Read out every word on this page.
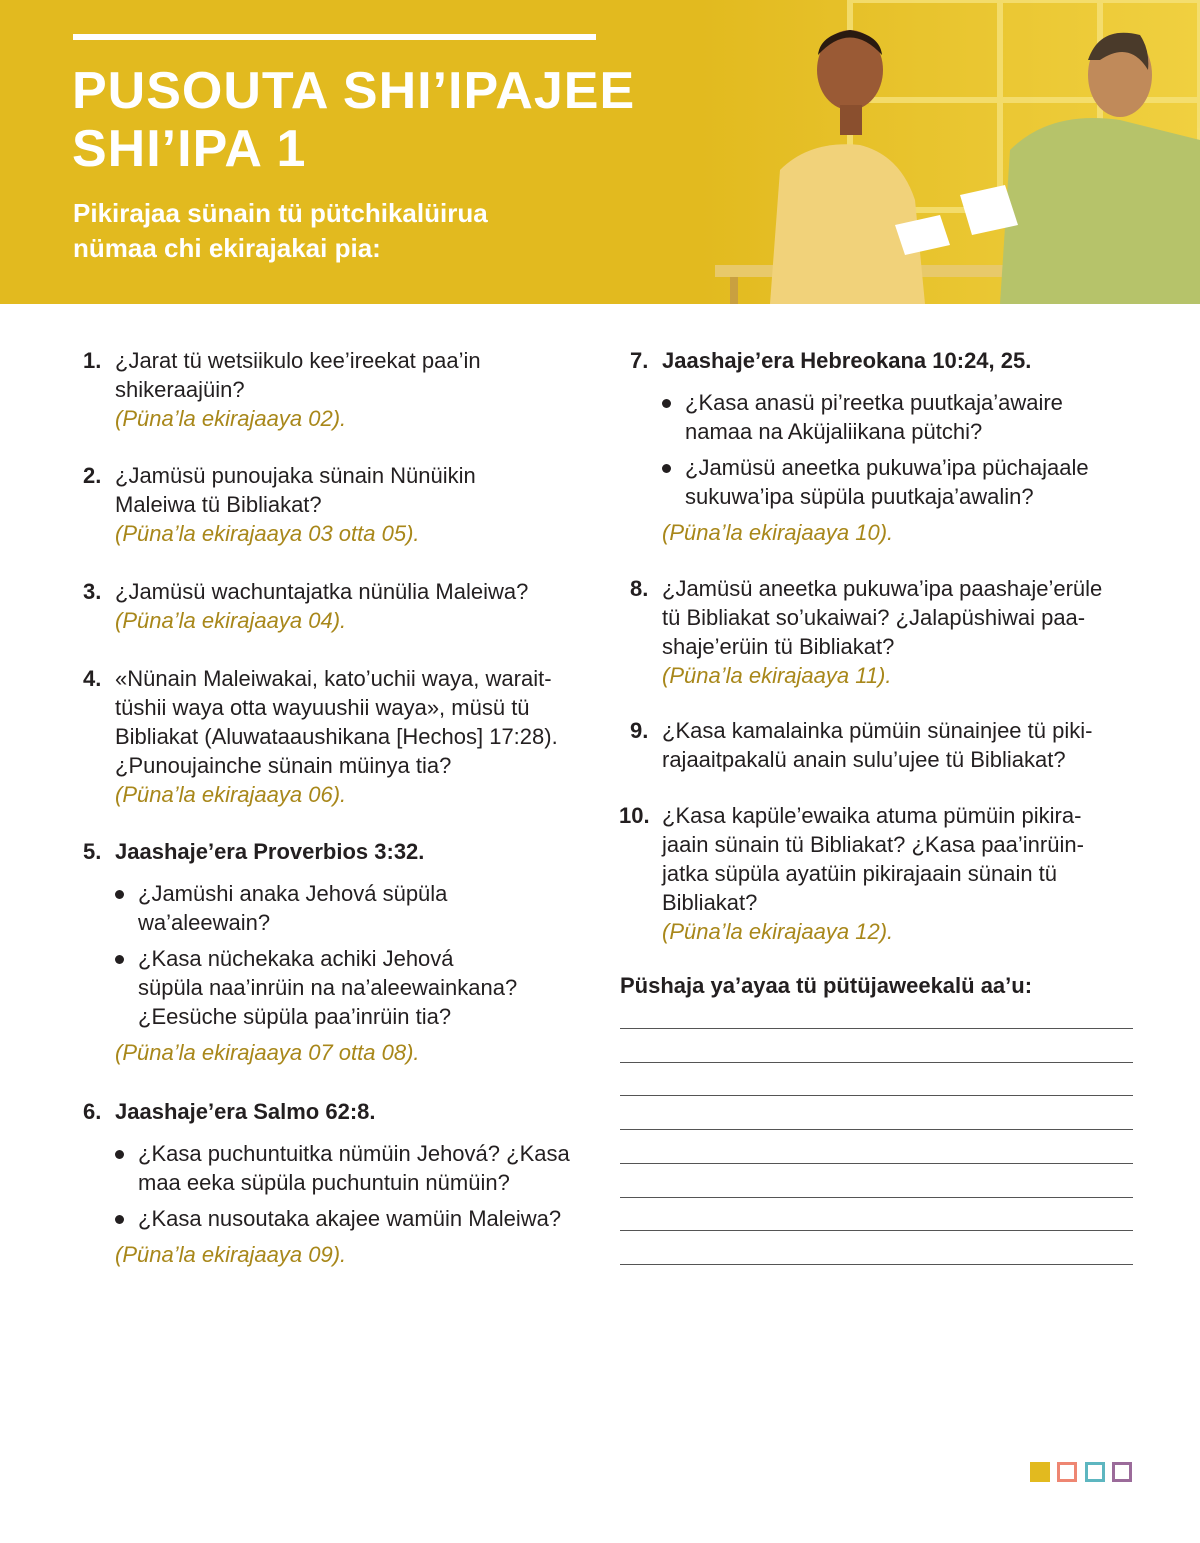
PUSOUTA SHI’IPAJEE
SHI’IPA 1
Pikirajaa sünain tü pütchikalüirua
nümaa chi ekirajakai pia:
1. ¿Jarat tü wetsiikulo kee’ireekat paa’in
shikeraajüin?
(Püna’la ekirajaaya 02).
2. ¿Jamüsü punoujaka sünain Nünüikin
Maleiwa tü Bibliakat?
(Püna’la ekirajaaya 03 otta 05).
3. ¿Jamüsü wachuntajatka nünülia Maleiwa?
(Püna’la ekirajaaya 04).
4. «Nünain Maleiwakai, kato’uchii waya, warait-
tüshii waya otta wayuushii waya», müsü tü
Bibliakat (Aluwataaushikana [Hechos] 17:28).
¿Punoujainche sünain müinya tia?
(Püna’la ekirajaaya 06).
5. Jaashaje’era Proverbios 3:32.
¿Jamüshi anaka Jehová süpüla
wa’aleewain?
¿Kasa nüchekaka achiki Jehová
süpüla naa’inrüin na na’aleewainkana?
¿Eesüche süpüla paa’inrüin tia?
(Püna’la ekirajaaya 07 otta 08).
6. Jaashaje’era Salmo 62:8.
¿Kasa puchuntuitka nümüin Jehová? ¿Kasa
maa eeka süpüla puchuntuin nümüin?
¿Kasa nusoutaka akajee wamüin Maleiwa?
(Püna’la ekirajaaya 09).
7. Jaashaje’era Hebreokana 10:24, 25.
¿Kasa anasü pi’reetka puutkaja’awaire
namaa na Aküjaliikana pütchi?
¿Jamüsü aneetka pukuwa’ipa püchajaale
sukuwa’ipa süpüla puutkaja’awalin?
(Püna’la ekirajaaya 10).
8. ¿Jamüsü aneetka pukuwa’ipa paashaje’erüle
tü Bibliakat so’ukaiwai? ¿Jalapüshiwai paa-
shaje’erüin tü Bibliakat?
(Püna’la ekirajaaya 11).
9. ¿Kasa kamalainka pümüin sünainjee tü piki-
rajaaitpakalü anain sulu’ujee tü Bibliakat?
10. ¿Kasa kapüle’ewaika atuma pümüin pikira-
jaain sünain tü Bibliakat? ¿Kasa paa’inrüin-
jatka süpüla ayatüin pikirajaain sünain tü
Bibliakat?
(Püna’la ekirajaaya 12).
Püshaja ya’ayaa tü pütüjaweekalü aa’u:
